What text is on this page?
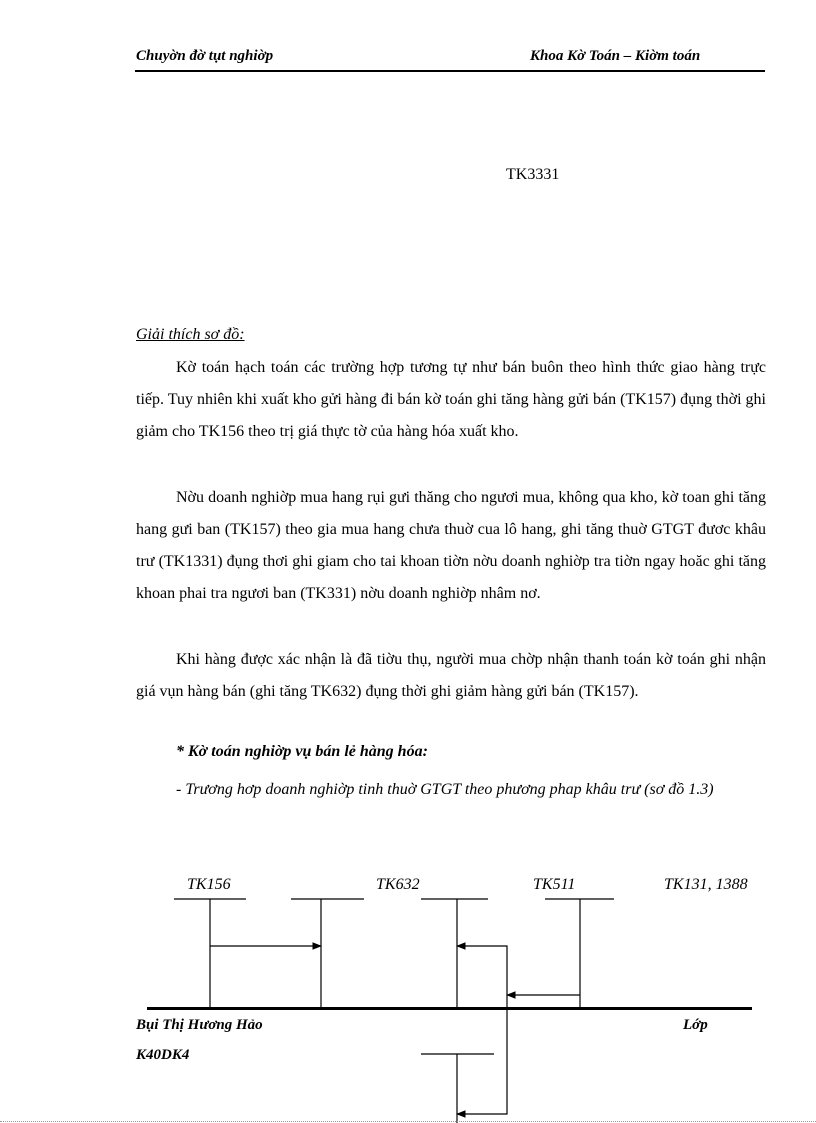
Chuyờn đờ tụt nghiờp	Khoa Kờ Toán – Kiờm toán
TK3331
Giải thích sơ đồ:
Kờ toán hạch toán các trường hợp tương tự như bán buôn theo hình thức giao hàng trực tiếp. Tuy nhiên khi xuất kho gửi hàng đi bán kờ toán ghi tăng hàng gửi bán (TK157) đụng thời ghi giảm cho TK156 theo trị giá thực tờ của hàng hóa xuất kho.
Nờu doanh nghiờp mua hang rụi gưi thăng cho ngươi mua, không qua kho, kờ toan ghi tăng hang gưi ban (TK157) theo gia mua hang chưa thuờ cua lô hang, ghi tăng thuờ GTGT đươc khâu trư (TK1331) đụng thơi ghi giam cho tai khoan tiờn nờu doanh nghiờp tra tiờn ngay hoăc ghi tăng khoan phai tra ngươi ban (TK331) nờu doanh nghiờp nhâm nơ.
Khi hàng được xác nhận là đã tiờu thụ, người mua chờp nhận thanh toán kờ toán ghi nhận giá vụn hàng bán (ghi tăng TK632) đụng thời ghi giảm hàng gửi bán (TK157).
* Kờ toán nghiờp vụ bán lẻ hàng hóa:
- Trương hơp doanh nghiờp tinh thuờ GTGT theo phương phap khâu trư (sơ đồ 1.3)
TK156	TK632	TK511	TK131, 1388
Bụi Thị Hương Hảo	Lớp
K40DK4
